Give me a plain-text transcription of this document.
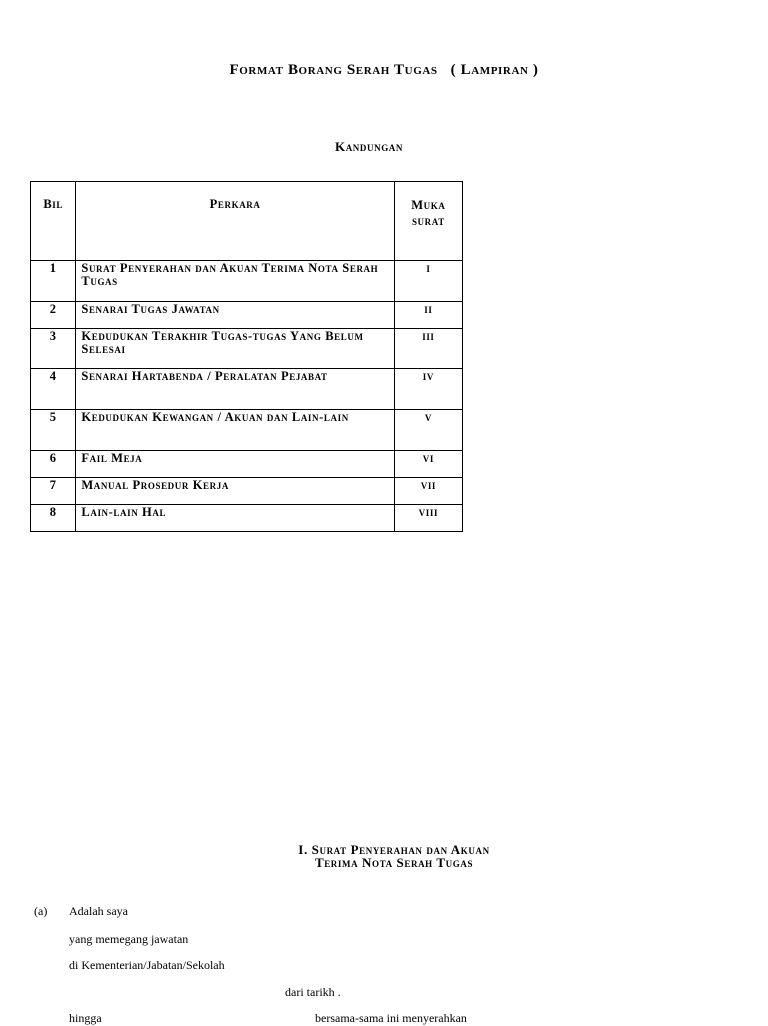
Format Borang Serah Tugas   ( Lampiran )
Kandungan
Bil	Perkara	Muka surat
1	Surat Penyerahan dan Akuan Terima Nota Serah Tugas	i
2	Senarai Tugas Jawatan	ii
3	Kedudukan Terakhir Tugas-tugas Yang Belum Selesai	iii
4	Senarai Hartabenda / Peralatan Pejabat	iv
5	Kedudukan Kewangan / Akuan dan Lain-lain	v
6	Fail Meja	vi
7	Manual Prosedur Kerja	vii
8	Lain-lain Hal	viii
I. Surat Penyerahan dan Akuan
Terima Nota Serah Tugas
(a) Adalah saya
yang memegang jawatan
di Kementerian/Jabatan/Sekolah
dari tarikh .
hingga	bersama-sama ini menyerahkan
